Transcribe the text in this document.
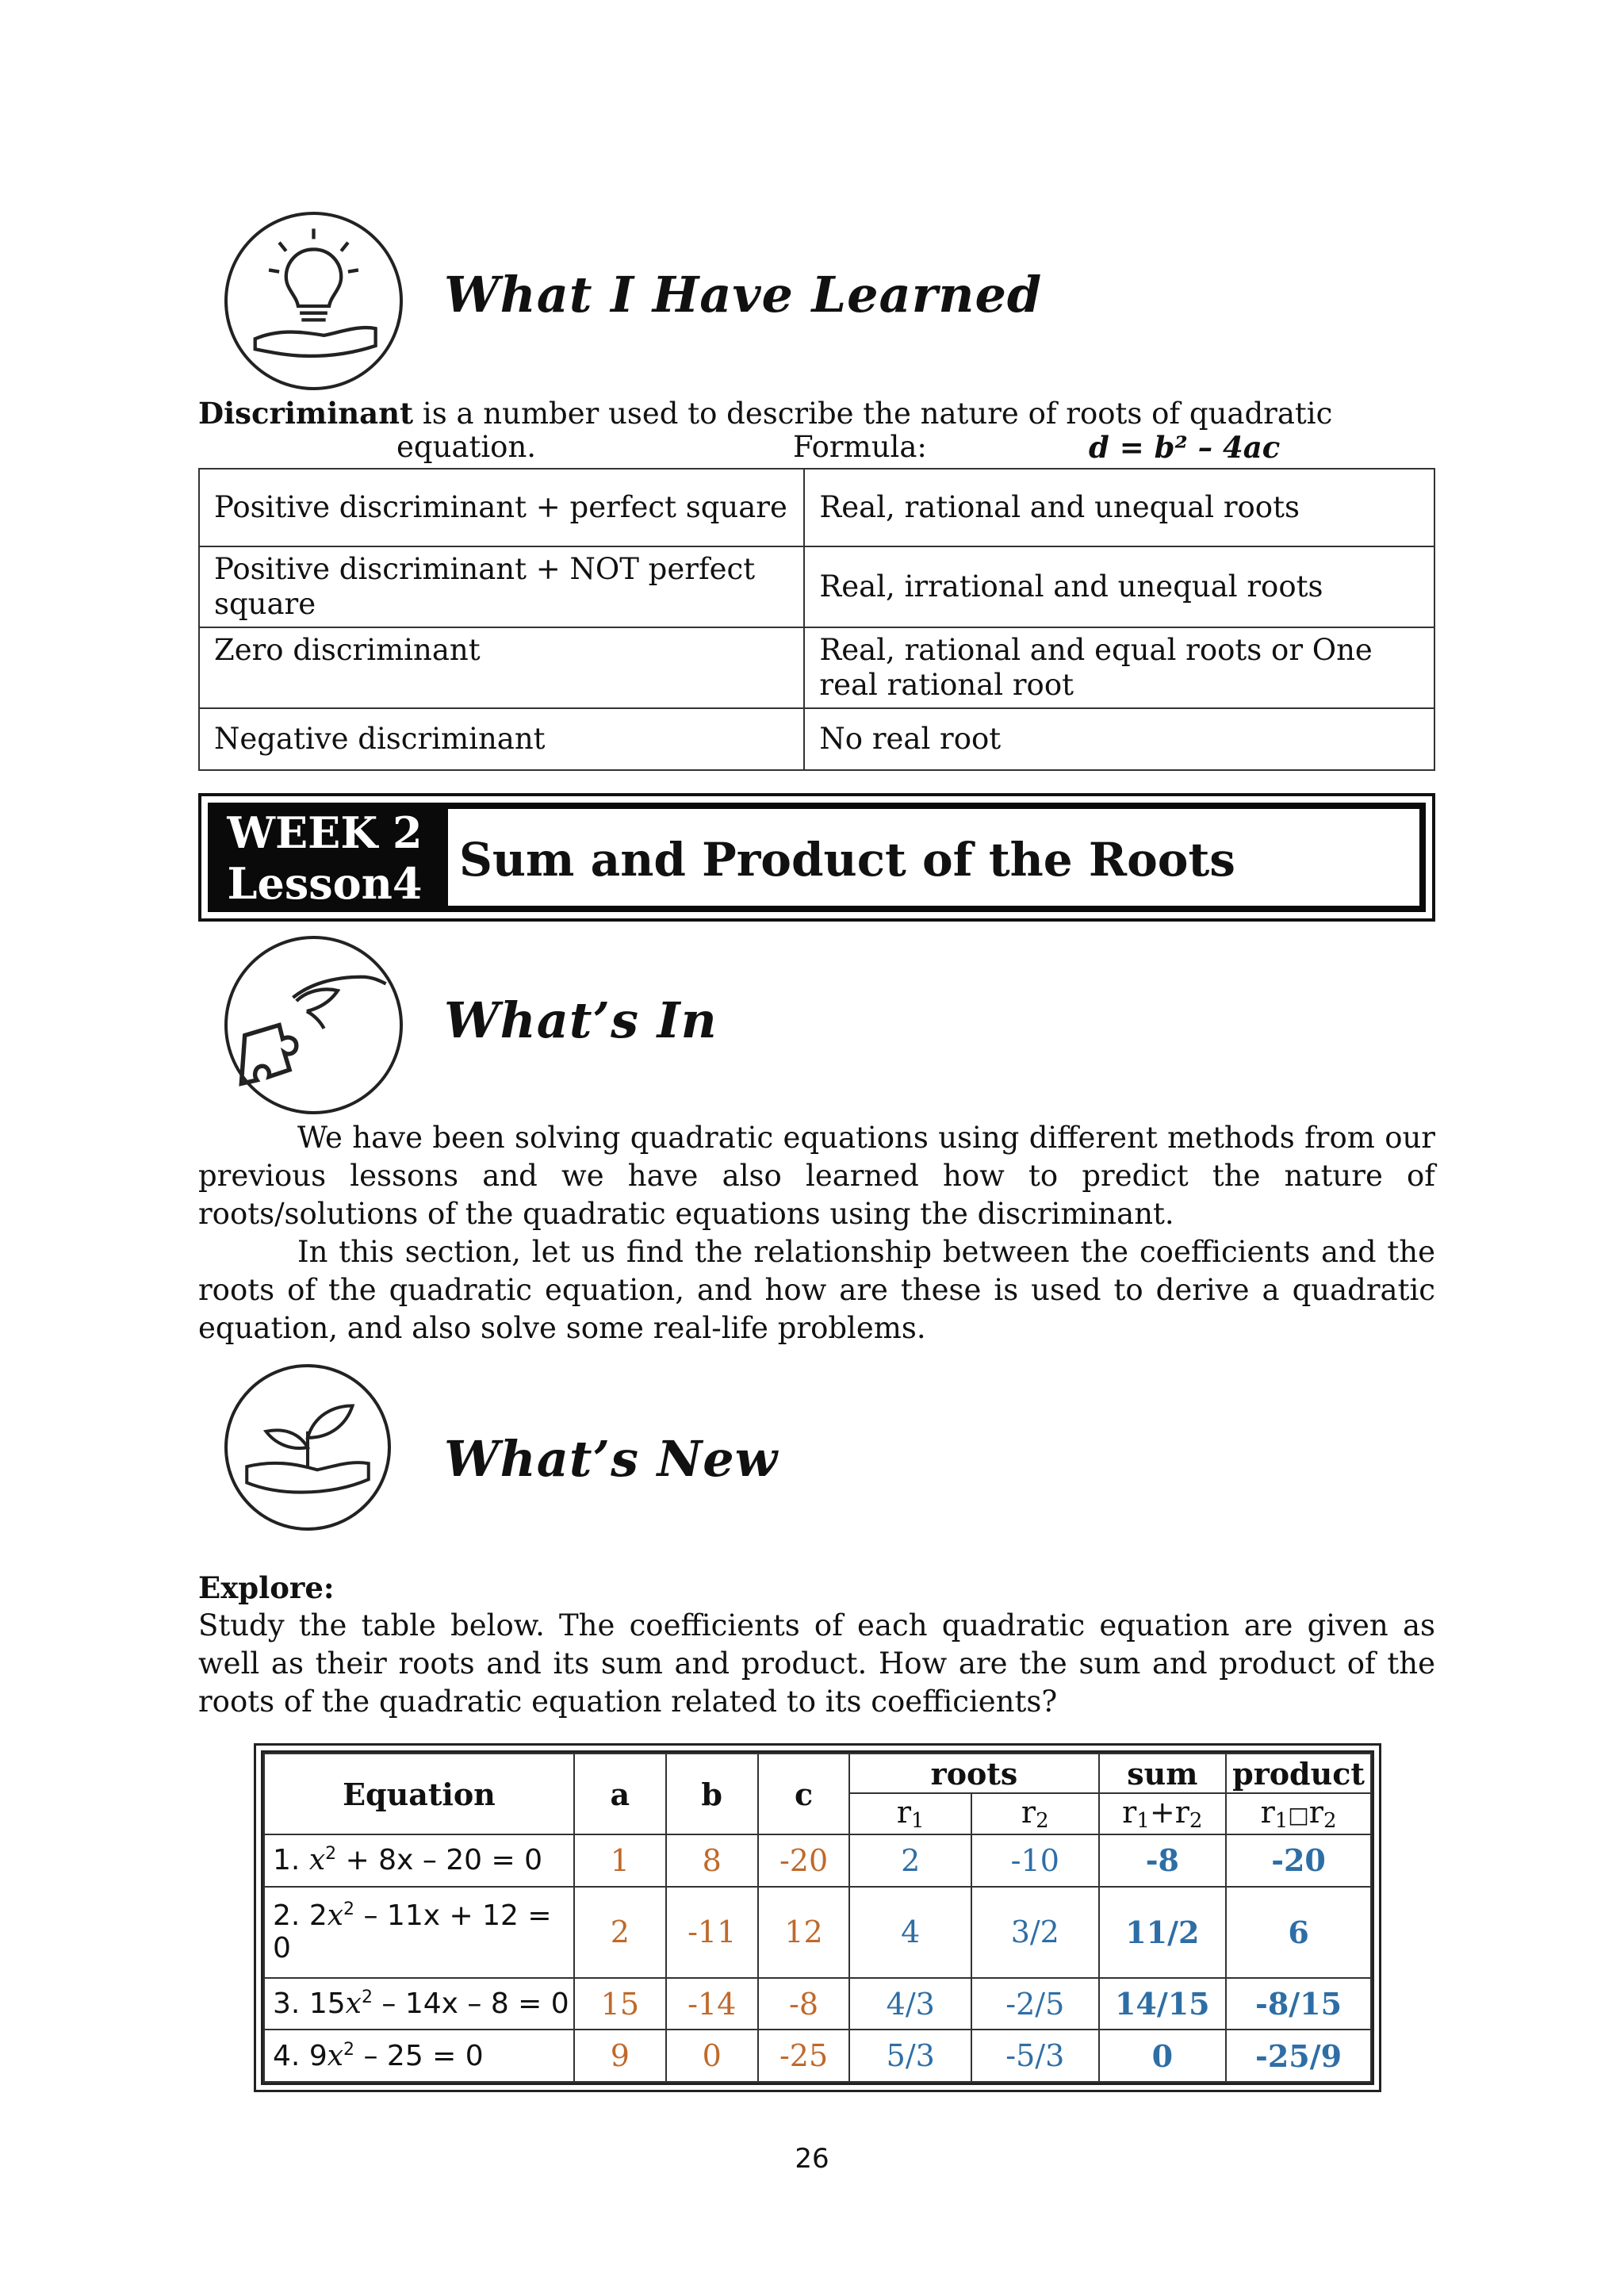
What I Have Learned
Discriminant is a number used to describe the nature of roots of quadratic
equation.	Formula:	d = b² – 4ac
Positive discriminant + perfect square	Real, rational and unequal roots
Positive discriminant + NOT perfect square	Real, irrational and unequal roots
Zero discriminant	Real, rational and equal roots or One real rational root
Negative discriminant	No real root
WEEK 2
Lesson4 Sum and Product of the Roots
What’s In
We have been solving quadratic equations using different methods from our previous lessons and we have also learned how to predict the nature of roots/solutions of the quadratic equations using the discriminant.
In this section, let us find the relationship between the coefficients and the roots of the quadratic equation, and how are these is used to derive a quadratic equation, and also solve some real-life problems.
What’s New
Explore:
Study the table below. The coefficients of each quadratic equation are given as well as their roots and its sum and product. How are the sum and product of the roots of the quadratic equation related to its coefficients?
Equation	a	b	c	roots		sum	product
				$r_1$	$r_2$	$r_1+r_2$	$r_1□r_2$
1. $x^2 + 8x - 20 = 0$	1	8	-20	2	-10	-8	-20
2. $2x^2 - 11x + 12 = 0$	2	-11	12	4	3/2	11/2	6
3. $15x^2 - 14x - 8 = 0$	15	-14	-8	4/3	-2/5	14/15	-8/15
4. $9x^2 - 25 = 0$	9	0	-25	5/3	-5/3	0	-25/9
26
